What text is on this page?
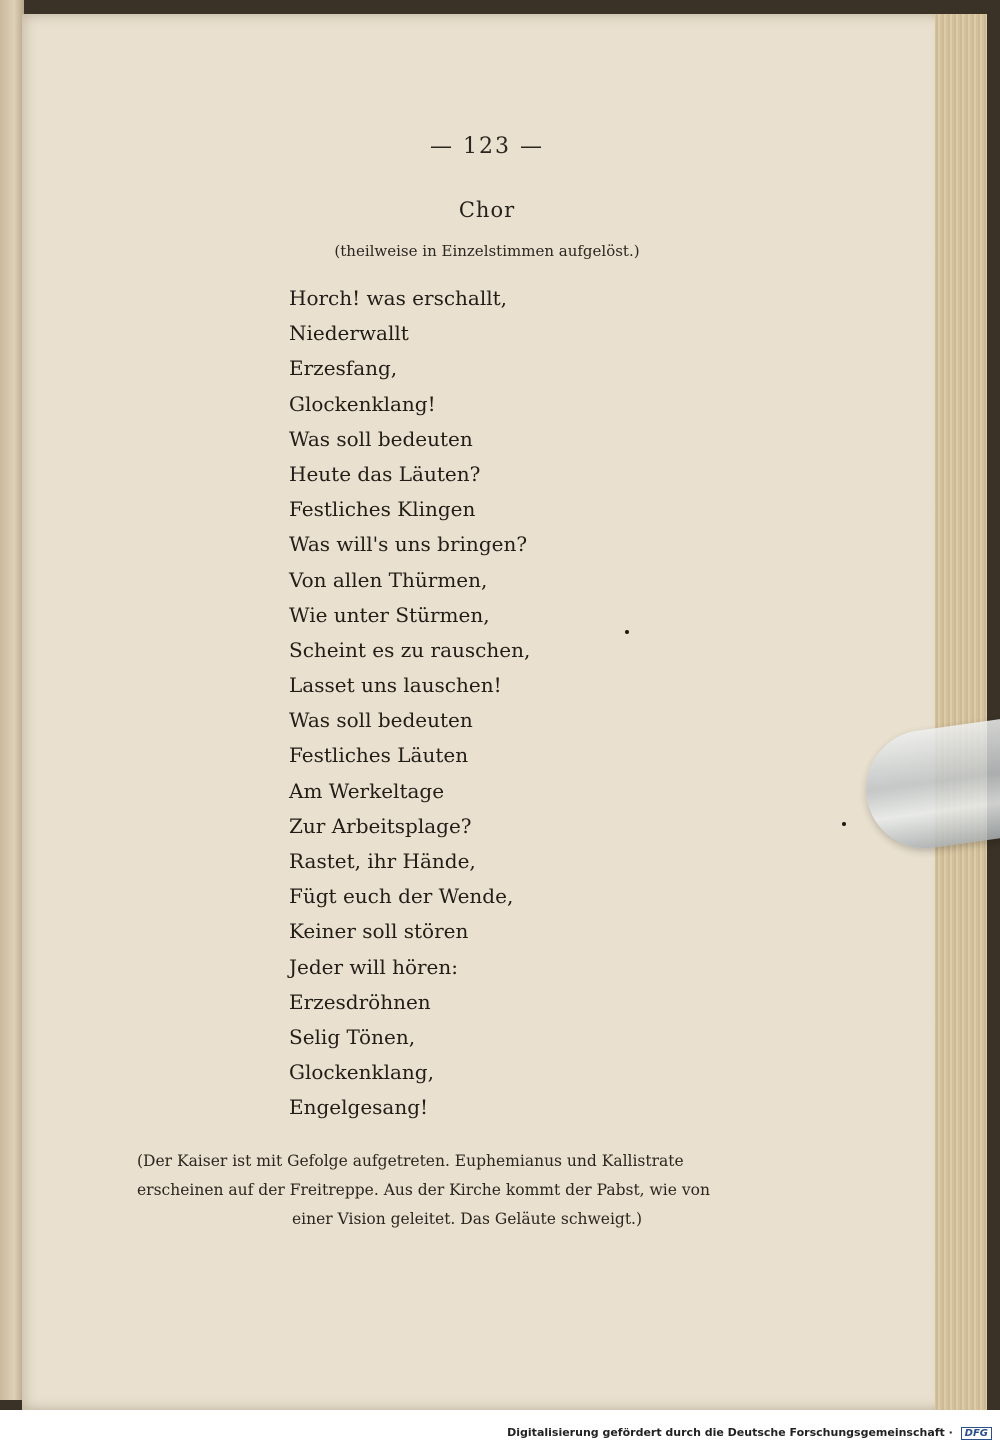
— 123 —
Chor
(theilweise in Einzelstimmen aufgelöst.)
Horch! was erschallt,
Niederwallt
Erzesfang,
Glockenklang!
Was soll bedeuten
Heute das Läuten?
Festliches Klingen
Was will's uns bringen?
Von allen Thürmen,
Wie unter Stürmen,
Scheint es zu rauschen,
Lasset uns lauschen!
Was soll bedeuten
Festliches Läuten
Am Werkeltage
Zur Arbeitsplage?
Rastet, ihr Hände,
Fügt euch der Wende,
Keiner soll stören
Jeder will hören:
Erzesdröhnen
Selig Tönen,
Glockenklang,
Engelgesang!
(Der Kaiser ist mit Gefolge aufgetreten. Euphemianus und Kallistrate
erscheinen auf der Freitreppe. Aus der Kirche kommt der Pabst, wie von
einer Vision geleitet. Das Geläute schweigt.)
Digitalisierung gefördert durch die Deutsche Forschungsgemeinschaft · DFG
